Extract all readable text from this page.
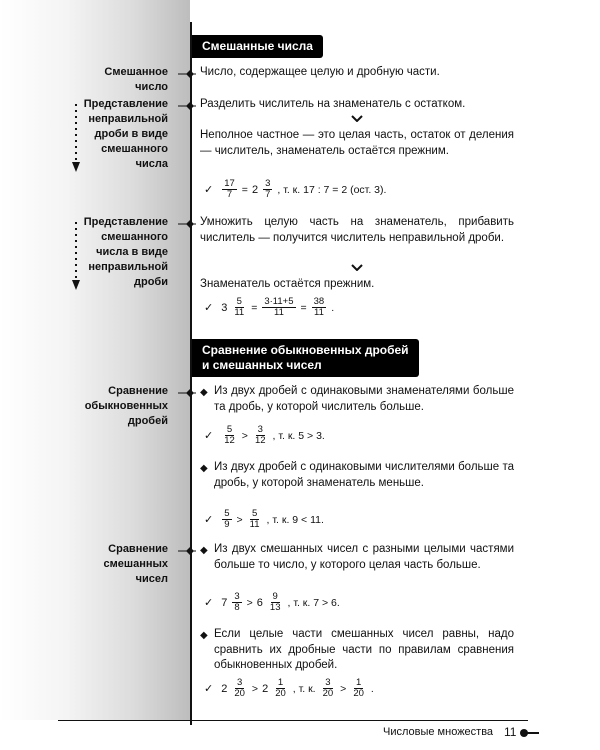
Смешанные числа
Смешанное
число
Число, содержащее целую и дробную части.
Представление
неправильной
дроби в виде
смешанного
числа
Разделить числитель на знаменатель с остатком.
Неполное частное — это целая часть, остаток от деления — числитель, знаменатель остаётся прежним.
✓ $\frac{17}{7} = 2 \frac{3}{7}$ , т. к. 17 : 7 = 2 (ост. 3).
Представление
смешанного
числа в виде
неправильной
дроби
Умножить целую часть на знаменатель, прибавить числитель — получится числитель неправильной дроби.
Знаменатель остаётся прежним.
✓ $3 \frac{5}{11} = \frac{3\cdot 11+5}{11} = \frac{38}{11}$ .
Сравнение обыкновенных дробей
и смешанных чисел
Сравнение
обыкновенных
дробей
◆ Из двух дробей с одинаковыми знаменателями больше та дробь, у которой числитель больше.
✓ $\frac{5}{12} > \frac{3}{12}$ , т. к. 5 > 3.
◆ Из двух дробей с одинаковыми числителями больше та дробь, у которой знаменатель меньше.
✓ $\frac{5}{9} > \frac{5}{11}$ , т. к. 9 < 11.
Сравнение
смешанных
чисел
◆ Из двух смешанных чисел с разными целыми частями больше то число, у которого целая часть больше.
✓ $7 \frac{3}{8} > 6 \frac{9}{13}$ , т. к. 7 > 6.
◆ Если целые части смешанных чисел равны, надо сравнить их дробные части по правилам сравнения обыкновенных дробей.
✓ $2 \frac{3}{20} > 2 \frac{1}{20}$ , т. к. $\frac{3}{20} > \frac{1}{20}$ .
Числовые множества 11
